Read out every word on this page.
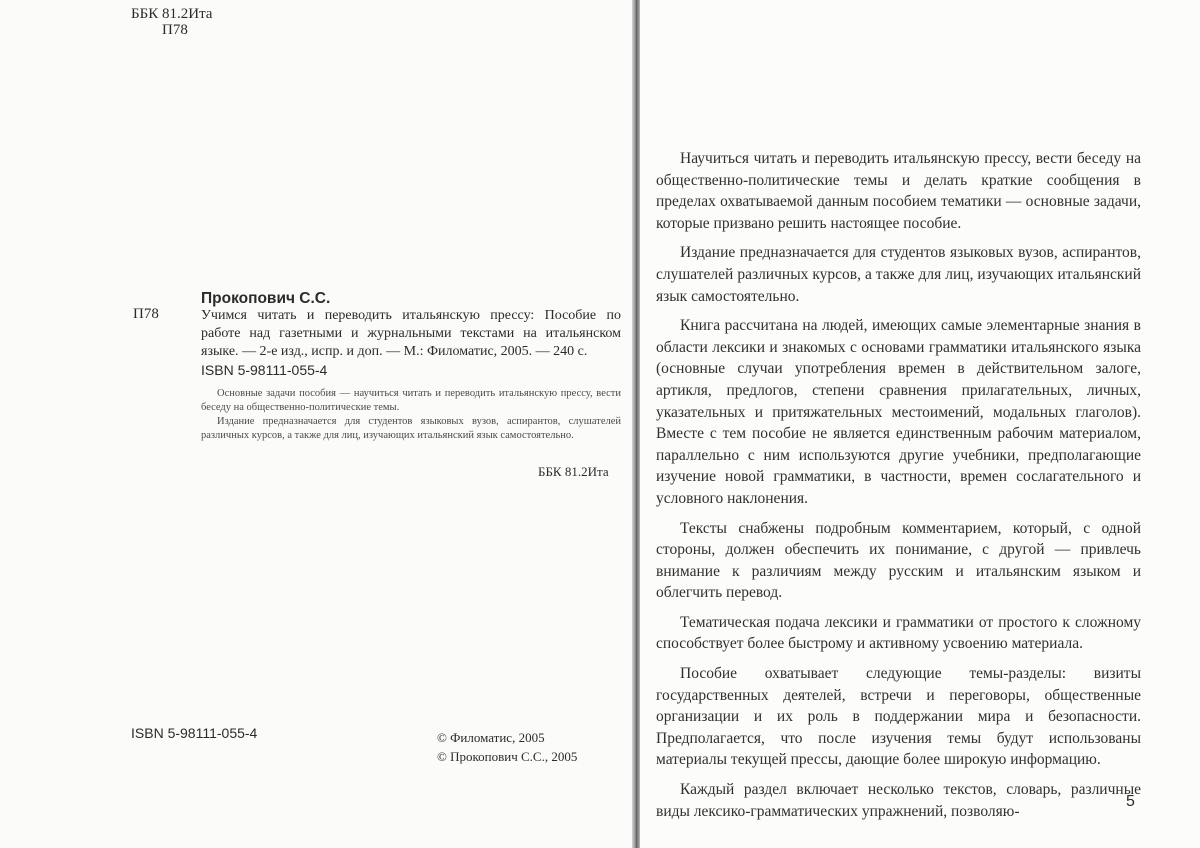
ББК 81.2Ита
П78
Прокопович С.С.
П78	Учимся читать и переводить итальянскую прессу: Пособие по
работе над газетными и журнальными текстами на итальянском
языке. — 2-е изд., испр. и доп. — М.: Филоматис, 2005. — 240 с.
ISBN 5-98111-055-4

Основные задачи пособия — научиться читать и переводить итальянскую прессу, вести беседу на общественно-политические темы.

Издание предназначается для студентов языковых вузов, аспирантов, слушателей различных курсов, а также для лиц, изучающих итальянский язык самостоятельно.

ББК 81.2Ита
ISBN 5-98111-055-4	© Филоматис, 2005
© Прокопович С.С., 2005

Научиться читать и переводить итальянскую прессу, вести беседу на общественно-политические темы и делать краткие сообщения в пределах охватываемой данным пособием тематики — основные задачи, которые призвано решить настоящее пособие.

Издание предназначается для студентов языковых вузов, аспирантов, слушателей различных курсов, а также для лиц, изучающих итальянский язык самостоятельно.

Книга рассчитана на людей, имеющих самые элементарные знания в области лексики и знакомых с основами грамматики итальянского языка (основные случаи употребления времен в действительном залоге, артикля, предлогов, степени сравнения прилагательных, личных, указательных и притяжательных местоимений, модальных глаголов). Вместе с тем пособие не является единственным рабочим материалом, параллельно с ним используются другие учебники, предполагающие изучение новой грамматики, в частности, времен сослагательного и условного наклонения.

Тексты снабжены подробным комментарием, который, с одной стороны, должен обеспечить их понимание, с другой — привлечь внимание к различиям между русским и итальянским языком и облегчить перевод.

Тематическая подача лексики и грамматики от простого к сложному способствует более быстрому и активному усвоению материала.

Пособие охватывает следующие темы-разделы: визиты государственных деятелей, встречи и переговоры, общественные организации и их роль в поддержании мира и безопасности. Предполагается, что после изучения темы будут использованы материалы текущей прессы, дающие более широкую информацию.

Каждый раздел включает несколько текстов, словарь, различные виды лексико-грамматических упражнений, позволяю-

5
